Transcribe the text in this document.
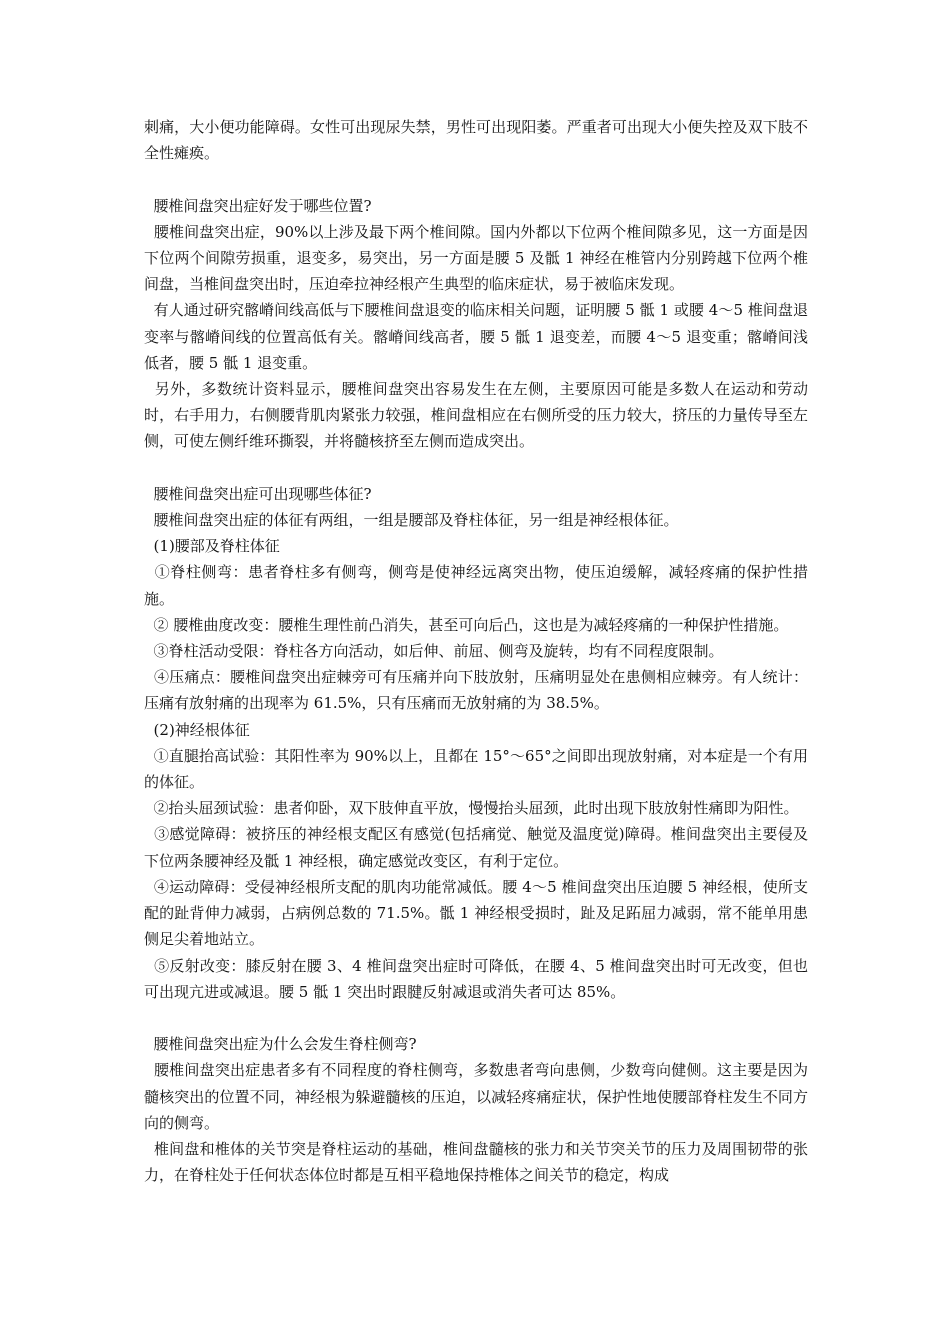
刺痛，大小便功能障碍。女性可出现尿失禁，男性可出现阳萎。严重者可出现大小便失控及双下肢不全性瘫痪。

腰椎间盘突出症好发于哪些位置?

腰椎间盘突出症，90%以上涉及最下两个椎间隙。国内外都以下位两个椎间隙多见，这一方面是因下位两个间隙劳损重，退变多，易突出，另一方面是腰 5 及骶 1 神经在椎管内分别跨越下位两个椎间盘，当椎间盘突出时，压迫牵拉神经根产生典型的临床症状，易于被临床发现。

有人通过研究髂嵴间线高低与下腰椎间盘退变的临床相关问题，证明腰 5 骶 1 或腰 4～5 椎间盘退变率与髂嵴间线的位置高低有关。髂嵴间线高者，腰 5 骶 1 退变差，而腰 4～5 退变重；髂嵴间浅低者，腰 5 骶 1 退变重。

另外，多数统计资料显示，腰椎间盘突出容易发生在左侧，主要原因可能是多数人在运动和劳动时，右手用力，右侧腰背肌肉紧张力较强，椎间盘相应在右侧所受的压力较大，挤压的力量传导至左侧，可使左侧纤维环撕裂，并将髓核挤至左侧而造成突出。

腰椎间盘突出症可出现哪些体征?

腰椎间盘突出症的体征有两组，一组是腰部及脊柱体征，另一组是神经根体征。

(1)腰部及脊柱体征

①脊柱侧弯：患者脊柱多有侧弯，侧弯是使神经远离突出物，使压迫缓解，减轻疼痛的保护性措施。

② 腰椎曲度改变：腰椎生理性前凸消失，甚至可向后凸，这也是为减轻疼痛的一种保护性措施。

③脊柱活动受限：脊柱各方向活动，如后伸、前屈、侧弯及旋转，均有不同程度限制。

④压痛点：腰椎间盘突出症棘旁可有压痛并向下肢放射，压痛明显处在患侧相应棘旁。有人统计：压痛有放射痛的出现率为 61.5%，只有压痛而无放射痛的为 38.5%。

(2)神经根体征

①直腿抬高试验：其阳性率为 90%以上，且都在 15°～65°之间即出现放射痛，对本症是一个有用的体征。

②抬头屈颈试验：患者仰卧，双下肢伸直平放，慢慢抬头屈颈，此时出现下肢放射性痛即为阳性。

③感觉障碍：被挤压的神经根支配区有感觉(包括痛觉、触觉及温度觉)障碍。椎间盘突出主要侵及下位两条腰神经及骶 1 神经根，确定感觉改变区，有利于定位。

④运动障碍：受侵神经根所支配的肌肉功能常减低。腰 4～5 椎间盘突出压迫腰 5 神经根，使所支配的趾背伸力减弱，占病例总数的 71.5%。骶 1 神经根受损时，趾及足跖屈力减弱，常不能单用患侧足尖着地站立。

⑤反射改变：膝反射在腰 3、4 椎间盘突出症时可降低，在腰 4、5 椎间盘突出时可无改变，但也可出现亢进或减退。腰 5 骶 1 突出时跟腱反射减退或消失者可达 85%。

腰椎间盘突出症为什么会发生脊柱侧弯?

腰椎间盘突出症患者多有不同程度的脊柱侧弯，多数患者弯向患侧，少数弯向健侧。这主要是因为髓核突出的位置不同，神经根为躲避髓核的压迫，以减轻疼痛症状，保护性地使腰部脊柱发生不同方向的侧弯。

椎间盘和椎体的关节突是脊柱运动的基础，椎间盘髓核的张力和关节突关节的压力及周围韧带的张力，在脊柱处于任何状态体位时都是互相平稳地保持椎体之间关节的稳定，构成
